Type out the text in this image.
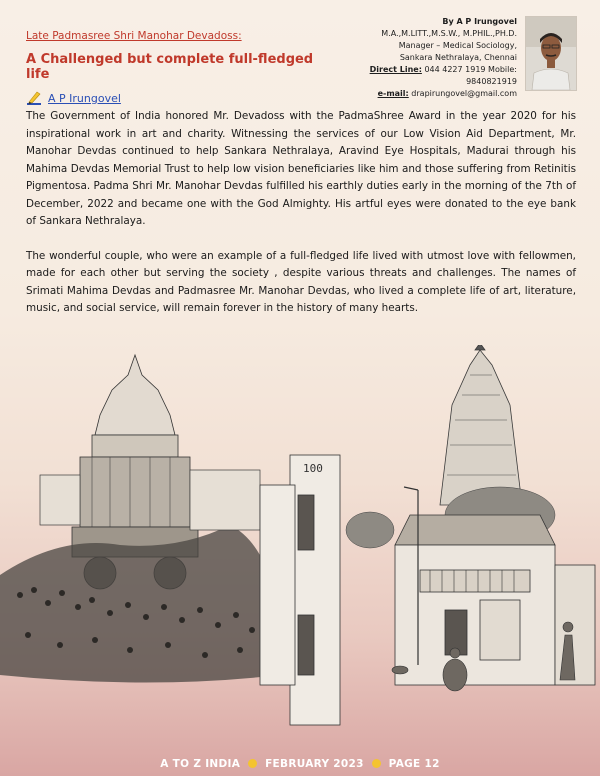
Late Padmasree Shri Manohar Devadoss:
A Challenged but complete full-fledged life
A P Irungovel
By A P Irungovel
M.A.,M.LITT.,M.S.W., M.PHIL.,PH.D.
Manager – Medical Sociology,
Sankara Nethralaya, Chennai
Direct Line: 044 4227 1919 Mobile: 9840821919
e-mail: drapirungovel@gmail.com

The Government of India honored Mr. Devadoss with the PadmaShree Award in the year 2020 for his inspirational work in art and charity. Witnessing the services of our Low Vision Aid Department, Mr. Manohar Devdas continued to help Sankara Nethralaya, Aravind Eye Hospitals, Madurai through his Mahima Devdas Memorial Trust to help low vision beneficiaries like him and those suffering from Retinitis Pigmentosa. Padma Shri Mr. Manohar Devdas fulfilled his earthly duties early in the morning of the 7th of December, 2022 and became one with the God Almighty. His artful eyes were donated to the eye bank of Sankara Nethralaya.

The wonderful couple, who were an example of a full-fledged life lived with utmost love with fellowmen, made for each other but serving the society , despite various threats and challenges. The names of Srimati Mahima Devdas and Padmasree Mr. Manohar Devdas, who lived a complete life of art, literature, music, and social service, will remain forever in the history of many hearts.

100
A TO Z INDIA FEBRUARY 2023 PAGE 12
